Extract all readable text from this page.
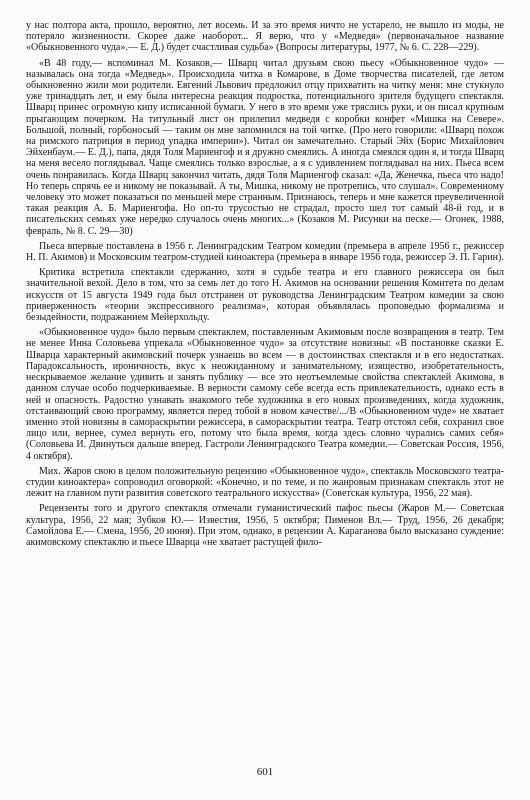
у нас полтора акта, прошло, вероятно, лет восемь. И за это время ничто не устарело, не вышло из моды, не потеряло жизненности. Скорее даже наоборот... Я верю, что у «Медведя» (первоначальное название «Обыкновенного чуда».— Е. Д.) будет счастливая судьба» (Вопросы литературы, 1977, № 6. С. 228—229).

«В 48 году,— вспоминал М. Козаков,— Шварц читал друзьям свою пьесу «Обыкновенное чудо» — называлась она тогда «Медведь». Происходила читка в Комарове, в Доме творчества писателей, где летом обыкновенно жили мои родители. Евгений Львович предложил отцу прихватить на читку меня: мне стукнуло уже тринадцать лет, и ему была интересна реакция подростка, потенциального зрителя будущего спектакля. Шварц принес огромную кипу исписанной бумаги. У него в это время уже тряслись руки, и он писал крупным прыгающим почерком. На титульный лист он прилепил медведя с коробки конфет «Мишка на Севере». Большой, полный, горбоносый — таким он мне запомнился на той читке. (Про него говорили: «Шварц похож на римского патриция в период упадка империи»). Читал он замечательно. Старый Эйх (Борис Михайлович Эйхенбаум.— Е. Д.), папа, дядя Толя Мариенгоф и я дружно смеялись. А иногда смеялся один я, и тогда Шварц на меня весело поглядывал. Чаще смеялись только взрослые, а я с удивлением поглядывал на них. Пьеса всем очень понравилась. Когда Шварц закончил читать, дядя Толя Мариенгоф сказал: «Да, Женечка, пьеса что надо! Но теперь спрячь ее и никому не показывай. А ты, Мишка, никому не протрепись, что слушал». Современному человеку это может показаться по меньшей мере странным. Признаюсь, теперь и мне кажется преувеличенной такая реакция А. Б. Мариенгофа. Но оп-то трусостью не страдал, просто шел тот самый 48-й год, и в писательских семьях уже нередко случалось очень многих...» (Козаков М. Рисунки на песке.— Огонек, 1988, февраль, № 8. С. 29—30)

Пьеса впервые поставлена в 1956 г. Ленинградским Театром комедии (премьера в апреле 1956 г., режиссер Н. П. Акимов) и Московским театром-студией киноактера (премьера в январе 1956 года, режиссер Э. П. Гарин).

Критика встретила спектакли сдержанно, хотя в судьбе театра и его главного режиссера он был значительной вехой. Дело в том, что за семь лет до того Н. Акимов на основании решения Комитета по делам искусств от 15 августа 1949 года был отстранен от руководства Ленинградским Театром комедии за свою приверженность «теории экспрессивного реализма», которая объявлялась проповедью формализма и безыдейности, подражанием Мейерхольду.

«Обыкновенное чудо» было первым спектаклем, поставленным Акимовым после возвращения в театр. Тем не менее Инна Соловьева упрекала «Обыкновенное чудо» за отсутствие новизны: «В постановке сказки Е. Шварца характерный акимовский почерк узнаешь во всем — в достоинствах спектакля и в его недостатках. Парадоксальность, ироничность, вкус к неожиданному и занимательному, изящество, изобретательность, нескрываемое желание удивить и занять публику — все это неотъемлемые свойства спектаклей Акимова, в данном случае особо подчеркиваемые. В верности самому себе всегда есть привлекательность, однако есть в ней и опасность. Радостно узнавать знакомого тебе художника в его новых произведениях, когда художник, отстаивающий свою программу, является перед тобой в новом качестве/.../В «Обыкновенном чуде» не хватает именно этой новизны в самораскрытии режиссера, в самораскрытии театра. Театр отстоял себя, сохранил свое лицо или, вернее, сумел вернуть его, потому что была время, когда здесь словно чурались самих себя» (Соловьева И. Двинуться дальше вперед. Гастроли Ленинградского Театра комедии.— Советская Россия, 1956, 4 октября).

Мих. Жаров свою в целом положительную рецензию «Обыкновенное чудо», спектакль Московского театра-студии киноактера» сопроводил оговоркой: «Конечно, и по теме, и по жанровым признакам спектакль этот не лежит на главном пути развития советского театрального искусства» (Советская культура, 1956, 22 мая).

Рецензенты того и другого спектакля отмечали гуманистический пафос пьесы (Жаров М.— Советская культура, 1956, 22 мая; Зубков Ю.— Известия, 1956, 5 октября; Пименов Вл.— Труд, 1956, 26 декабря; Самойлова Е.— Смена, 1956, 20 июня). При этом, однако, в рецензии А. Караганова было высказано суждение: акимовскому спектаклю и пьесе Шварца «не хватает растущей фило-

601
